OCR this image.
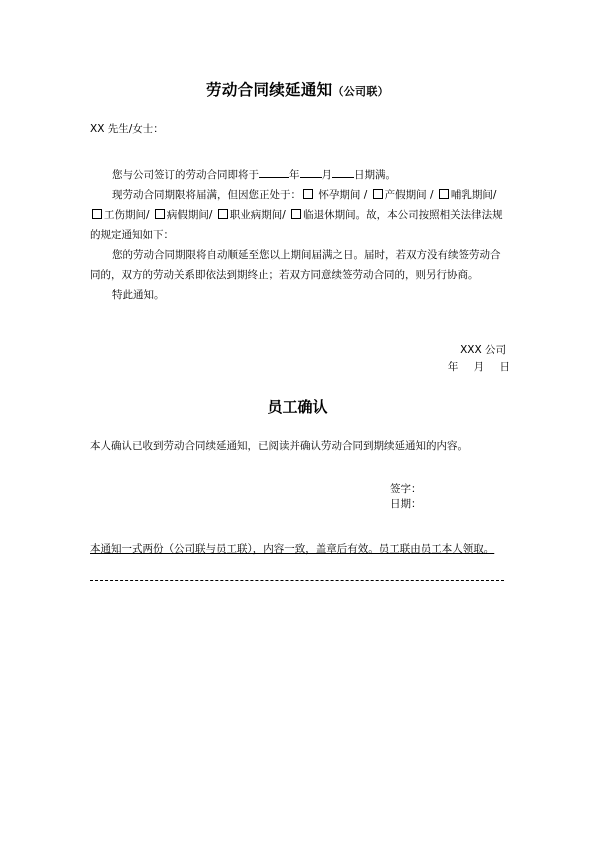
劳动合同续延通知（公司联）
XX 先生/女士：

您与公司签订的劳动合同即将于	年 月 日期满。

现劳动合同期限将届满，但因您正处于： 怀孕期间 / 产假期间 / 哺乳期间/ 工伤期间/ 病假期间/ 职业病期间/ 临退休期间。故，本公司按照相关法律法规的规定通知如下：

您的劳动合同期限将自动顺延至您以上期间届满之日。届时，若双方没有续签劳动合同的，双方的劳动关系即依法到期终止；若双方同意续签劳动合同的，则另行协商。

特此通知。

XXX 公司
年 月 日
员工确认
本人确认已收到劳动合同续延通知，已阅读并确认劳动合同到期续延通知的内容。
签字：
日期：
本通知一式两份（公司联与员工联），内容一致，盖章后有效。员工联由员工本人领取。
